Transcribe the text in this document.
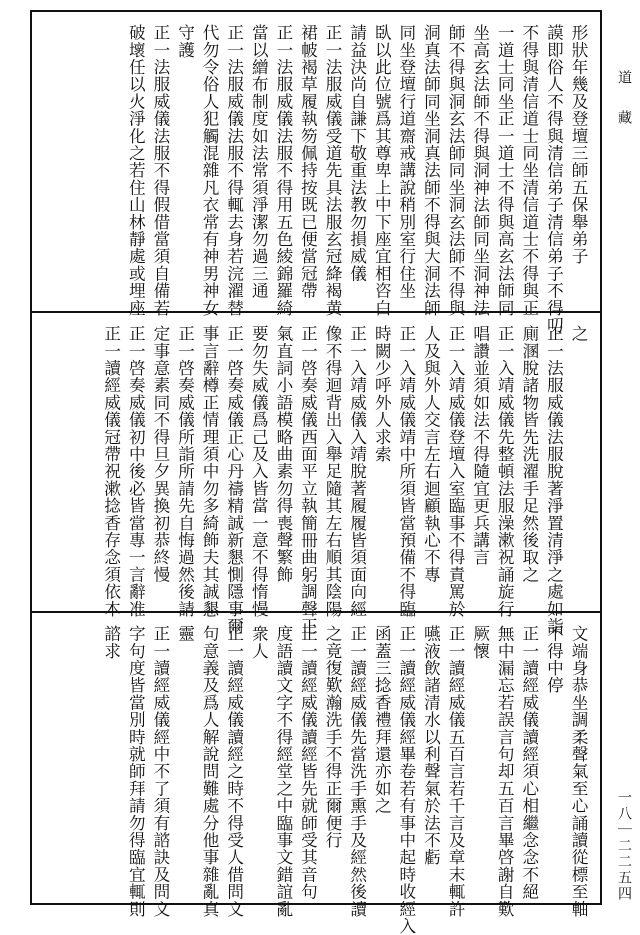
形狀年幾及登壇三師五保舉弟子
謨即俗人不得與清信弟子清信弟子不得叨
不得與清信道士同坐清信道士不得與正
一道士同坐正一道士不得與高玄法師同
坐高玄法師不得與洞神法師同坐洞神法
師不得與洞玄法師同坐洞玄法師不得與
洞真法師同坐洞真法師不得與大洞法師
同坐登壇行道齋戒講說稍別室行住坐
臥以此位號爲其尊卑上中下座宜相咨白
請益決尚自謙下敬重法教勿損威儀
正一法服威儀受道先具法服玄冠絳褐黄
裙帔褐草履執笏佩持按既已便當冠帶
正一法服威儀法服不得用五色綾錦羅綺
當以繒布制度如法常須淨潔勿過三通
正一法服威儀法服不得輒去身若浣濯替
代勿令俗人犯觸混雜凡衣常有神男神女
守護
正一法服威儀法服不得假借當須自備若
破壞任以火淨化之若住山林靜處或埋座
之
正一法服威儀法服脫著淨置清淨之處如詣
廁溷脫諸物皆先洗濯手足然後取之
正一入靖威儀先整頓法服澡漱祝誦旋行
唱讚並須如法不得隨宜更兵講言
正一入靖威儀登壇入室臨事不得責罵於
人及與外人交言左右迴顧執心不專
正一入靖威儀靖中所須皆當預備不得臨
時闕少呼外人求索
正一入靖威儀入靖脫著履履皆須面向經
像不得迴背出入舉足隨其左右順其陰陽
正一啓奏威儀西面平立執簡冊曲躬調聲正
氣直詞小語模略曲素勿得喪聲繁飾
要勿失威儀爲己及入皆當一意不得惰慢
正一啓奏威儀正心丹禱精誠新懇惻隱事爾
事言辭樽正情理須中勿多綺飾夫其誠懇
正一啓奏威儀所詣所請先自悔過然後請
定事意素同不得旦夕異換初恭終慢
正一啓奏威儀初中後必皆當專一言辭准
正一讀經威儀冠帶祝漱捻香存念須依本
文端身恭坐調柔聲氣至心誦讀從標至軸
不得中停
正一讀經威儀讀經須心相繼念念不絕
無中漏忘若誤言句却五百言畢啓謝自歎
厥懷
正一讀經威儀五百言若千言及章末輒許
嚥液飲諸清水以利聲氣於法不虧
正一讀經威儀經畢卷若有事中起時收經入
函蓋三捻香禮拜還亦如之
正一讀經威儀先當洗手熏手及經然後讀
之竟復歎瀚洗手不得正爾便行
正一讀經威儀讀經皆先就師受其音句
度語讀文字不得經堂之中臨事文錯誼亂
衆人
正一讀經威儀讀經之時不得受人借問文
句意義及爲人解說問難處分他事雜亂真
靈
正一讀經威儀經中不了須有諮訣及問文
字句度皆當別時就師拜請勿得臨宜輒則
諮求
道　藏
一八｜二二五四
